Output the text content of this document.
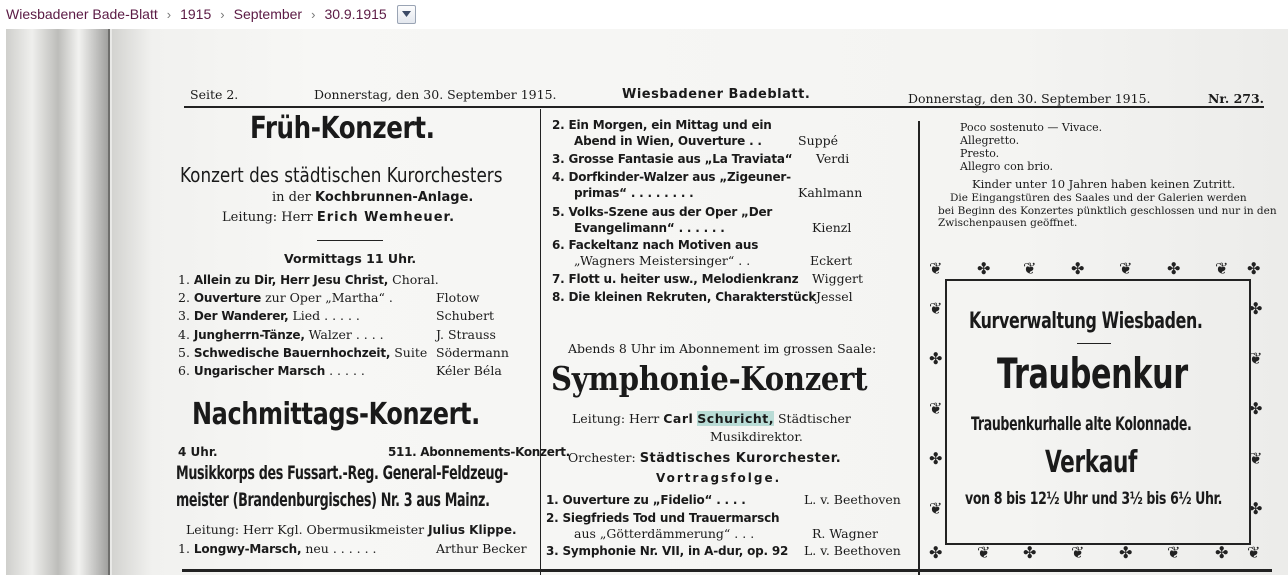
Wiesbadener Bade-Blatt › 1915 › September › 30.9.1915
Seite 2.	Donnerstag, den 30. September 1915.	Wiesbadener Badeblatt.	Donnerstag, den 30. September 1915.	Nr. 273.
Früh-Konzert.
Konzert des städtischen Kurorchesters
in der Kochbrunnen-Anlage.
Leitung: Herr Erich Wemheuer.
Vormittags 11 Uhr.
1. Allein zu Dir, Herr Jesu Christ, Choral.
2. Ouverture zur Oper „Martha“ .	Flotow
3. Der Wanderer, Lied . . . . .	Schubert
4. Jungherrn-Tänze, Walzer . . . .	J. Strauss
5. Schwedische Bauernhochzeit, Suite Södermann
6. Ungarischer Marsch . . . . .	Kéler Béla
Nachmittags-Konzert.
4 Uhr.	511. Abonnements-Konzert.
Musikkorps des Fussart.-Reg. General-Feldzeug-
meister (Brandenburgisches) Nr. 3 aus Mainz.
Leitung: Herr Kgl. Obermusikmeister Julius Klippe.
1. Longwy-Marsch, neu . . . . . .	Arthur Becker
2. Ein Morgen, ein Mittag und ein
Abend in Wien, Ouverture . .	Suppé
3. Grosse Fantasie aus „La Traviata“ Verdi
4. Dorfkinder-Walzer aus „Zigeuner-
primas“ . . . . . . . .	Kahlmann
5. Volks-Szene aus der Oper „Der
Evangelimann“ . . . . . .	Kienzl
6. Fackeltanz nach Motiven aus
„Wagners Meistersinger“ . .	Eckert
7. Flott u. heiter usw., Melodienkranz Wiggert
8. Die kleinen Rekruten, Charakterstück Jessel
Abends 8 Uhr im Abonnement im grossen Saale:
Symphonie-Konzert
Leitung: Herr Carl Schuricht, Städtischer
Musikdirektor.
Orchester: Städtisches Kurorchester.
Vortragsfolge.
1. Ouverture zu „Fidelio“ . . . .	L. v. Beethoven
2. Siegfrieds Tod und Trauermarsch
aus „Götterdämmerung“ . . .	R. Wagner
3. Symphonie Nr. VII, in A-dur, op. 92 L. v. Beethoven
Poco sostenuto — Vivace.
Allegretto.
Presto.
Allegro con brio.
Kinder unter 10 Jahren haben keinen Zutritt.
Die Eingangstüren des Saales und der Galerien werden
bei Beginn des Konzertes pünktlich geschlossen und nur in den
Zwischenpausen geöffnet.
❦ ✤ ❦ ✤ ❦ ✤ ❦ ✤
✤ ❦ ✤ ❦ ✤ ❦ ✤ ❦
❦
✤
❦
✤
❦
✤
❦
✤
❦
✤
Kurverwaltung Wiesbaden.
Traubenkur
Traubenkurhalle alte Kolonnade.
Verkauf
von 8 bis 12½ Uhr und 3½ bis 6½ Uhr.
